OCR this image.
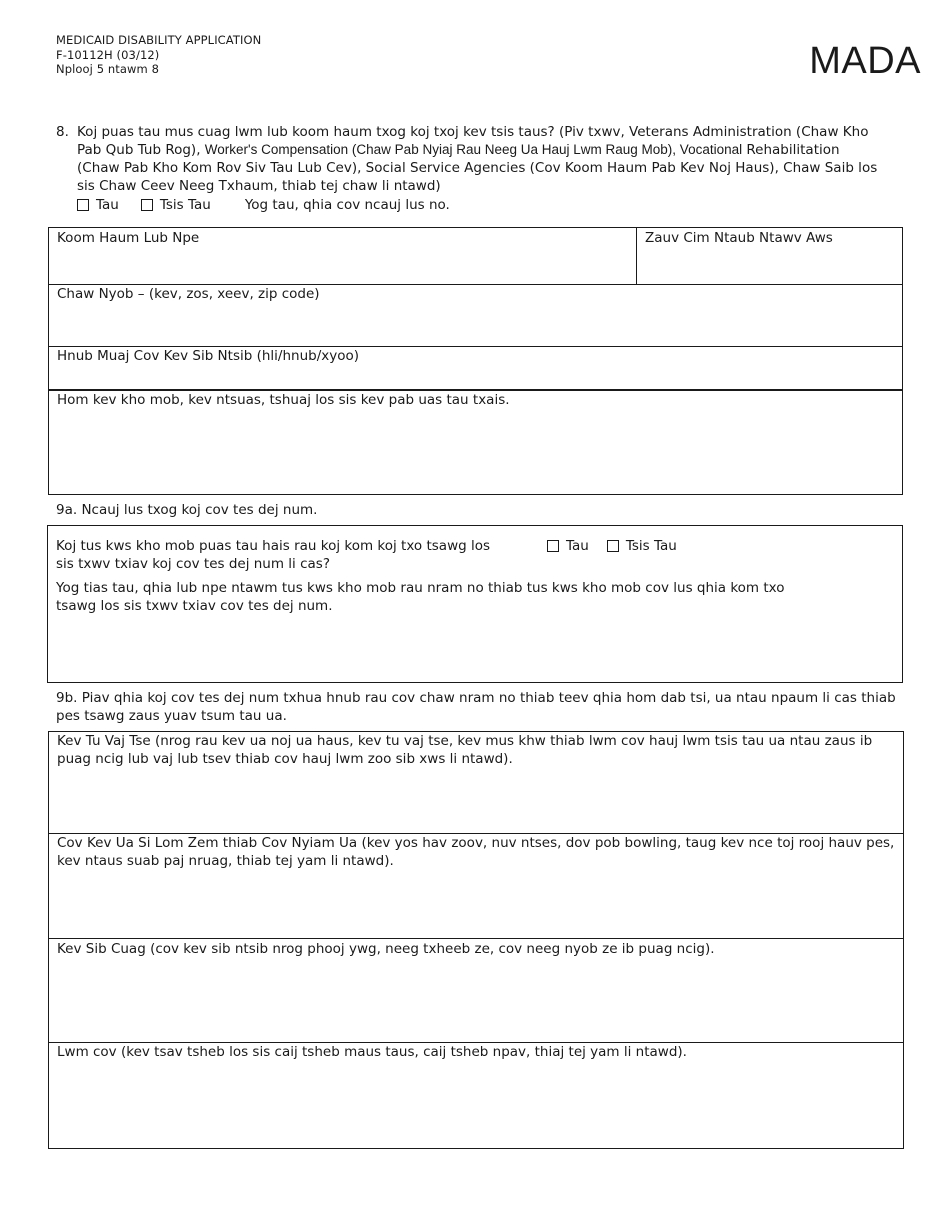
MEDICAID DISABILITY APPLICATION
F-10112H (03/12)
Nplooj 5 ntawm 8	MADA
8. Koj puas tau mus cuag lwm lub koom haum txog koj txoj kev tsis taus? (Piv txwv, Veterans Administration (Chaw Kho Pab Qub Tub Rog), Worker's Compensation (Chaw Pab Nyiaj Rau Neeg Ua Hauj Lwm Raug Mob), Vocational Rehabilitation (Chaw Pab Kho Kom Rov Siv Tau Lub Cev), Social Service Agencies (Cov Koom Haum Pab Kev Noj Haus), Chaw Saib los sis Chaw Ceev Neeg Txhaum, thiab tej chaw li ntawd)
Tau	Tsis Tau	Yog tau, qhia cov ncauj lus no.
Koom Haum Lub Npe	Zauv Cim Ntaub Ntawv Aws
Chaw Nyob – (kev, zos, xeev, zip code)
Hnub Muaj Cov Kev Sib Ntsib (hli/hnub/xyoo)
Hom kev kho mob, kev ntsuas, tshuaj los sis kev pab uas tau txais.
9a. Ncauj lus txog koj cov tes dej num.
Koj tus kws kho mob puas tau hais rau koj kom koj txo tsawg los sis txwv txiav koj cov tes dej num li cas?
Tau	Tsis Tau
Yog tias tau, qhia lub npe ntawm tus kws kho mob rau nram no thiab tus kws kho mob cov lus qhia kom txo tsawg los sis txwv txiav cov tes dej num.
9b. Piav qhia koj cov tes dej num txhua hnub rau cov chaw nram no thiab teev qhia hom dab tsi, ua ntau npaum li cas thiab pes tsawg zaus yuav tsum tau ua.
Kev Tu Vaj Tse (nrog rau kev ua noj ua haus, kev tu vaj tse, kev mus khw thiab lwm cov hauj lwm tsis tau ua ntau zaus ib puag ncig lub vaj lub tsev thiab cov hauj lwm zoo sib xws li ntawd).
Cov Kev Ua Si Lom Zem thiab Cov Nyiam Ua (kev yos hav zoov, nuv ntses, dov pob bowling, taug kev nce toj rooj hauv pes, kev ntaus suab paj nruag, thiab tej yam li ntawd).
Kev Sib Cuag (cov kev sib ntsib nrog phooj ywg, neeg txheeb ze, cov neeg nyob ze ib puag ncig).
Lwm cov (kev tsav tsheb los sis caij tsheb maus taus, caij tsheb npav, thiaj tej yam li ntawd).
